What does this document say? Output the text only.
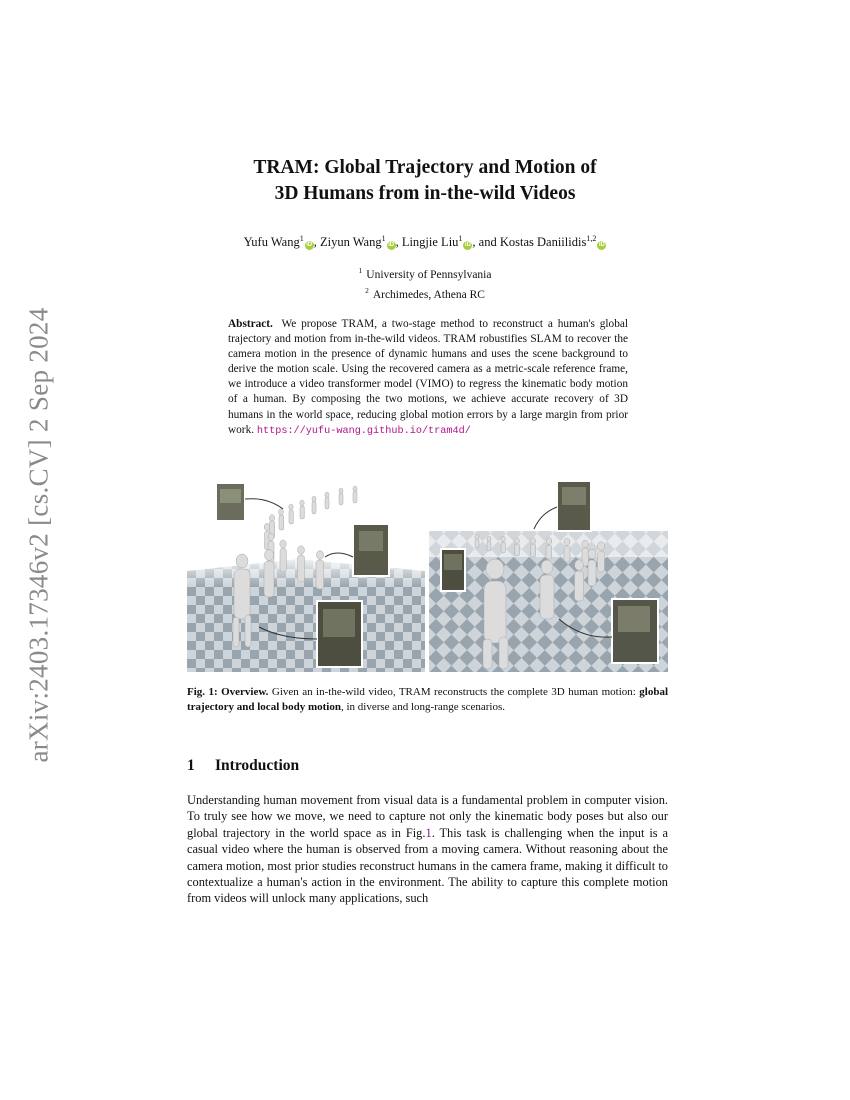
arXiv:2403.17346v2 [cs.CV] 2 Sep 2024
TRAM: Global Trajectory and Motion of
3D Humans from in-the-wild Videos
Yufu Wang$^1$iD , Ziyun Wang$^1$iD , Lingjie Liu$^1$iD , and Kostas Daniilidis$^{1,2}$iD
$^1$ University of Pennsylvania
$^2$ Archimedes, Athena RC
Abstract. We propose TRAM, a two-stage method to reconstruct a human's global trajectory and motion from in-the-wild videos. TRAM robustifies SLAM to recover the camera motion in the presence of dynamic humans and uses the scene background to derive the motion scale. Using the recovered camera as a metric-scale reference frame, we introduce a video transformer model (VIMO) to regress the kinematic body motion of a human. By composing the two motions, we achieve accurate recovery of 3D humans in the world space, reducing global motion errors by a large margin from prior work. https://yufu-wang.github.io/tram4d/
Fig. 1: Overview. Given an in-the-wild video, TRAM reconstructs the complete 3D human motion: global trajectory and local body motion, in diverse and long-range scenarios.
1 Introduction
Understanding human movement from visual data is a fundamental problem in computer vision. To truly see how we move, we need to capture not only the kinematic body poses but also our global trajectory in the world space as in Fig.1. This task is challenging when the input is a casual video where the human is observed from a moving camera. Without reasoning about the camera motion, most prior studies reconstruct humans in the camera frame, making it difficult to contextualize a human's action in the environment. The ability to capture this complete motion from videos will unlock many applications, such
